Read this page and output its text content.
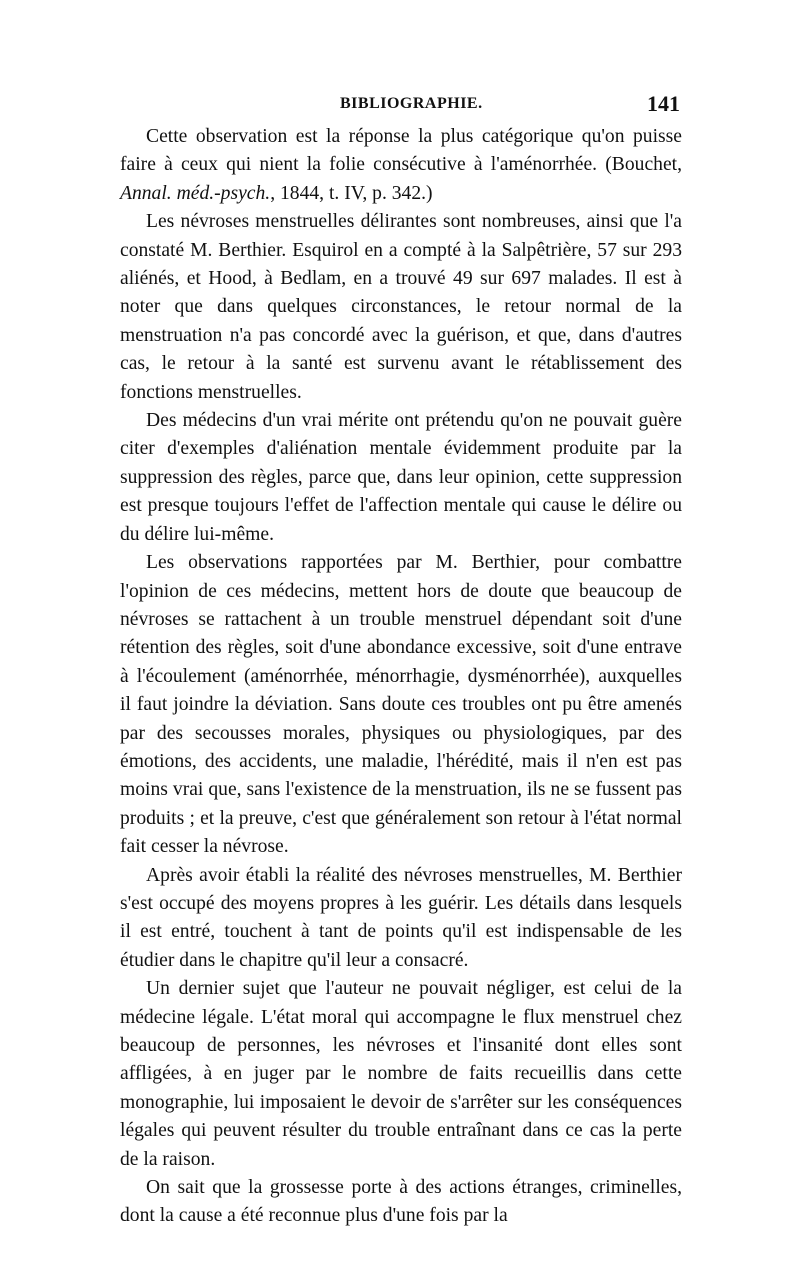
BIBLIOGRAPHIE.	141

Cette observation est la réponse la plus catégorique qu'on puisse faire à ceux qui nient la folie consécutive à l'aménorrhée. (Bouchet, Annal. méd.-psych., 1844, t. IV, p. 342.)

Les névroses menstruelles délirantes sont nombreuses, ainsi que l'a constaté M. Berthier. Esquirol en a compté à la Salpêtrière, 57 sur 293 aliénés, et Hood, à Bedlam, en a trouvé 49 sur 697 malades. Il est à noter que dans quelques circonstances, le retour normal de la menstruation n'a pas concordé avec la guérison, et que, dans d'autres cas, le retour à la santé est survenu avant le rétablissement des fonctions menstruelles.

Des médecins d'un vrai mérite ont prétendu qu'on ne pouvait guère citer d'exemples d'aliénation mentale évidemment produite par la suppression des règles, parce que, dans leur opinion, cette suppression est presque toujours l'effet de l'affection mentale qui cause le délire ou du délire lui-même.

Les observations rapportées par M. Berthier, pour combattre l'opinion de ces médecins, mettent hors de doute que beaucoup de névroses se rattachent à un trouble menstruel dépendant soit d'une rétention des règles, soit d'une abondance excessive, soit d'une entrave à l'écoulement (aménorrhée, ménorrhagie, dysménorrhée), auxquelles il faut joindre la déviation. Sans doute ces troubles ont pu être amenés par des secousses morales, physiques ou physiologiques, par des émotions, des accidents, une maladie, l'hérédité, mais il n'en est pas moins vrai que, sans l'existence de la menstruation, ils ne se fussent pas produits ; et la preuve, c'est que généralement son retour à l'état normal fait cesser la névrose.

Après avoir établi la réalité des névroses menstruelles, M. Berthier s'est occupé des moyens propres à les guérir. Les détails dans lesquels il est entré, touchent à tant de points qu'il est indispensable de les étudier dans le chapitre qu'il leur a consacré.

Un dernier sujet que l'auteur ne pouvait négliger, est celui de la médecine légale. L'état moral qui accompagne le flux menstruel chez beaucoup de personnes, les névroses et l'insanité dont elles sont affligées, à en juger par le nombre de faits recueillis dans cette monographie, lui imposaient le devoir de s'arrêter sur les conséquences légales qui peuvent résulter du trouble entraînant dans ce cas la perte de la raison.

On sait que la grossesse porte à des actions étranges, criminelles, dont la cause a été reconnue plus d'une fois par la
